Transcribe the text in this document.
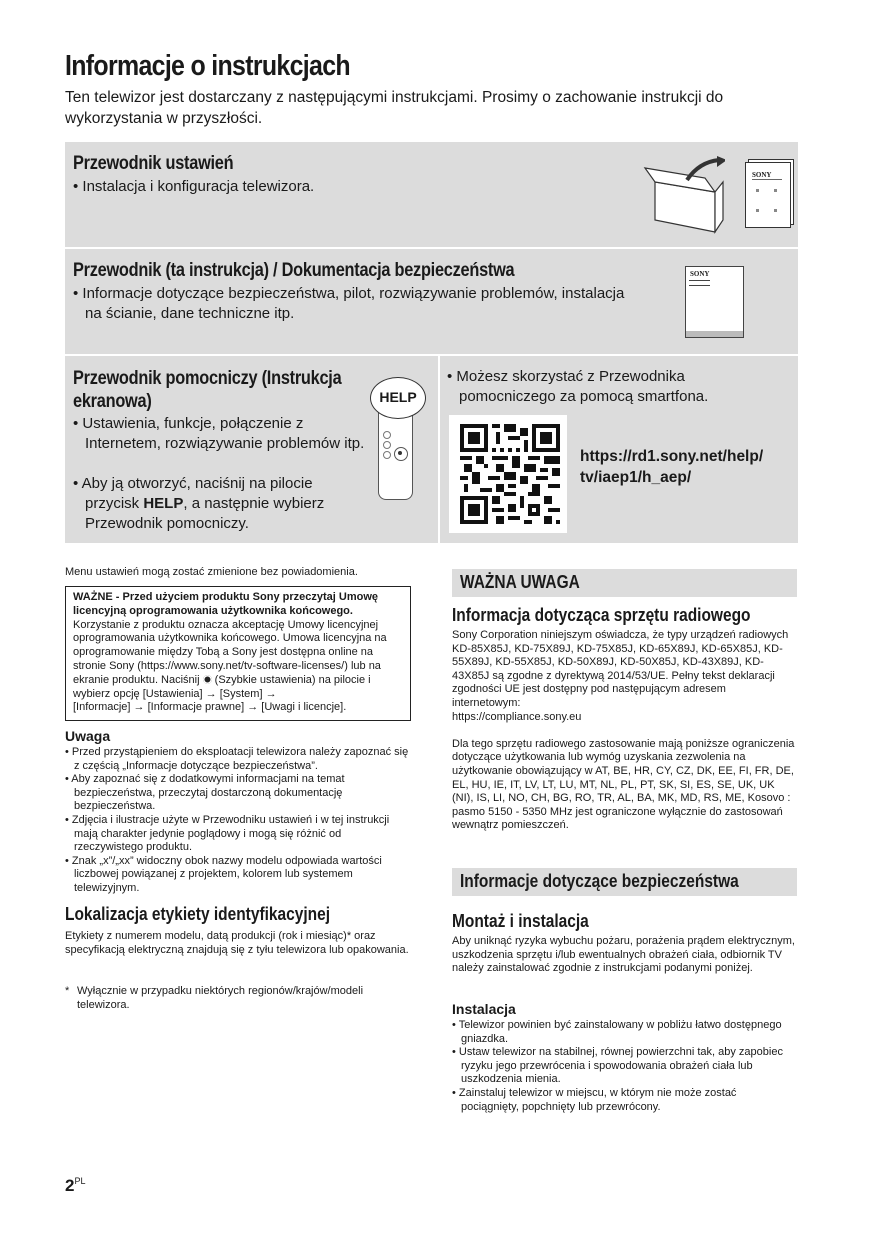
Informacje o instrukcjach
Ten telewizor jest dostarczany z następującymi instrukcjami. Prosimy o zachowanie instrukcji do wykorzystania w przyszłości.
Przewodnik ustawień
• Instalacja i konfiguracja telewizora.
SONY
Przewodnik (ta instrukcja) / Dokumentacja bezpieczeństwa
• Informacje dotyczące bezpieczeństwa, pilot, rozwiązywanie problemów, instalacja na ścianie, dane techniczne itp.
SONY
Przewodnik pomocniczy (Instrukcja
ekranowa)
• Ustawienia, funkcje, połączenie z Internetem, rozwiązywanie problemów itp.
• Aby ją otworzyć, naciśnij na pilocie przycisk HELP, a następnie wybierz Przewodnik pomocniczy.
HELP
• Możesz skorzystać z Przewodnika pomocniczego za pomocą smartfona.
https://rd1.sony.net/help/
tv/iaep1/h_aep/
Menu ustawień mogą zostać zmienione bez powiadomienia.
WAŻNE - Przed użyciem produktu Sony przeczytaj Umowę licencyjną oprogramowania użytkownika końcowego.
Korzystanie z produktu oznacza akceptację Umowy licencyjnej oprogramowania użytkownika końcowego. Umowa licencyjna na oprogramowanie między Tobą a Sony jest dostępna online na stronie Sony (https://www.sony.net/tv-software-licenses/) lub na ekranie produktu. Naciśnij  (Szybkie ustawienia) na pilocie i wybierz opcję [Ustawienia] → [System] →
[Informacje] → [Informacje prawne] → [Uwagi i licencje].
Uwaga
• Przed przystąpieniem do eksploatacji telewizora należy zapoznać się z częścią „Informacje dotyczące bezpieczeństwa”.
• Aby zapoznać się z dodatkowymi informacjami na temat bezpieczeństwa, przeczytaj dostarczoną dokumentację bezpieczeństwa.
• Zdjęcia i ilustracje użyte w Przewodniku ustawień i w tej instrukcji mają charakter jedynie poglądowy i mogą się różnić od rzeczywistego produktu.
• Znak „x”/„xx” widoczny obok nazwy modelu odpowiada wartości liczbowej powiązanej z projektem, kolorem lub systemem telewizyjnym.
Lokalizacja etykiety identyfikacyjnej
Etykiety z numerem modelu, datą produkcji (rok i miesiąc)* oraz specyfikacją elektryczną znajdują się z tyłu telewizora lub opakowania.
* Wyłącznie w przypadku niektórych regionów/krajów/modeli telewizora.
WAŻNA UWAGA
Informacja dotycząca sprzętu radiowego
Sony Corporation niniejszym oświadcza, że typy urządzeń radiowych KD-85X85J, KD-75X89J, KD-75X85J, KD-65X89J, KD-65X85J, KD-55X89J, KD-55X85J, KD-50X89J, KD-50X85J, KD-43X89J, KD-43X85J są zgodne z dyrektywą 2014/53/UE. Pełny tekst deklaracji zgodności UE jest dostępny pod następującym adresem internetowym:
https://compliance.sony.eu
Dla tego sprzętu radiowego zastosowanie mają poniższe ograniczenia dotyczące użytkowania lub wymóg uzyskania zezwolenia na użytkowanie obowiązujący w AT, BE, HR, CY, CZ, DK, EE, FI, FR, DE, EL, HU, IE, IT, LV, LT, LU, MT, NL, PL, PT, SK, SI, ES, SE, UK, UK (NI), IS, LI, NO, CH, BG, RO, TR, AL, BA, MK, MD, RS, ME, Kosovo :
pasmo 5150 - 5350 MHz jest ograniczone wyłącznie do zastosowań wewnątrz pomieszczeń.
Informacje dotyczące bezpieczeństwa
Montaż i instalacja
Aby uniknąć ryzyka wybuchu pożaru, porażenia prądem elektrycznym, uszkodzenia sprzętu i/lub ewentualnych obrażeń ciała, odbiornik TV należy zainstalować zgodnie z instrukcjami podanymi poniżej.
Instalacja
• Telewizor powinien być zainstalowany w pobliżu łatwo dostępnego gniazdka.
• Ustaw telewizor na stabilnej, równej powierzchni tak, aby zapobiec ryzyku jego przewrócenia i spowodowania obrażeń ciała lub uszkodzenia mienia.
• Zainstaluj telewizor w miejscu, w którym nie może zostać pociągnięty, popchnięty lub przewrócony.
$2^{PL}$
